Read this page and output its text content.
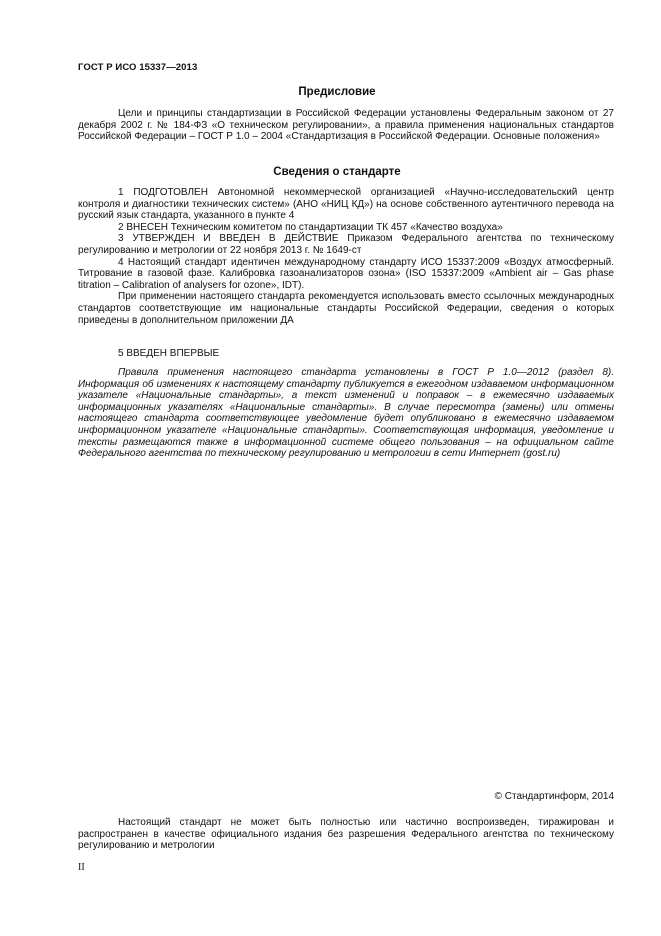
ГОСТ Р ИСО 15337—2013
Предисловие

Цели и принципы стандартизации в Российской Федерации установлены Федеральным законом от 27 декабря 2002 г. № 184-ФЗ «О техническом регулировании», а правила применения национальных стандартов Российской Федерации – ГОСТ Р 1.0 – 2004 «Стандартизация в Российской Федерации. Основные положения»

Сведения о стандарте

1 ПОДГОТОВЛЕН Автономной некоммерческой организацией «Научно-исследовательский центр контроля и диагностики технических систем» (АНО «НИЦ КД») на основе собственного аутентичного перевода на русский язык стандарта, указанного в пункте 4

2 ВНЕСЕН Техническим комитетом по стандартизации ТК 457 «Качество воздуха»

3 УТВЕРЖДЕН И ВВЕДЕН В ДЕЙСТВИЕ Приказом Федерального агентства по техническому регулированию и метрологии от 22 ноября 2013 г. № 1649-ст

4 Настоящий стандарт идентичен международному стандарту ИСО 15337:2009 «Воздух атмосферный. Титрование в газовой фазе. Калибровка газоанализаторов озона» (ISO 15337:2009 «Ambient air – Gas phase titration – Calibration of analysers for ozone», IDT).

При применении настоящего стандарта рекомендуется использовать вместо ссылочных международных стандартов соответствующие им национальные стандарты Российской Федерации, сведения о которых приведены в дополнительном приложении ДА

5 ВВЕДЕН ВПЕРВЫЕ

Правила применения настоящего стандарта установлены в ГОСТ Р 1.0—2012 (раздел 8). Информация об изменениях к настоящему стандарту публикуется в ежегодном издаваемом информационном указателе «Национальные стандарты», а текст изменений и поправок – в ежемесячно издаваемых информационных указателях «Национальные стандарты». В случае пересмотра (замены) или отмены настоящего стандарта соответствующее уведомление будет опубликовано в ежемесячно издаваемом информационном указателе «Национальные стандарты». Соответствующая информация, уведомление и тексты размещаются также в информационной системе общего пользования – на официальном сайте Федерального агентства по техническому регулированию и метрологии в сети Интернет (gost.ru)

© Стандартинформ, 2014

Настоящий стандарт не может быть полностью или частично воспроизведен, тиражирован и распространен в качестве официального издания без разрешения Федерального агентства по техническому регулированию и метрологии

II
